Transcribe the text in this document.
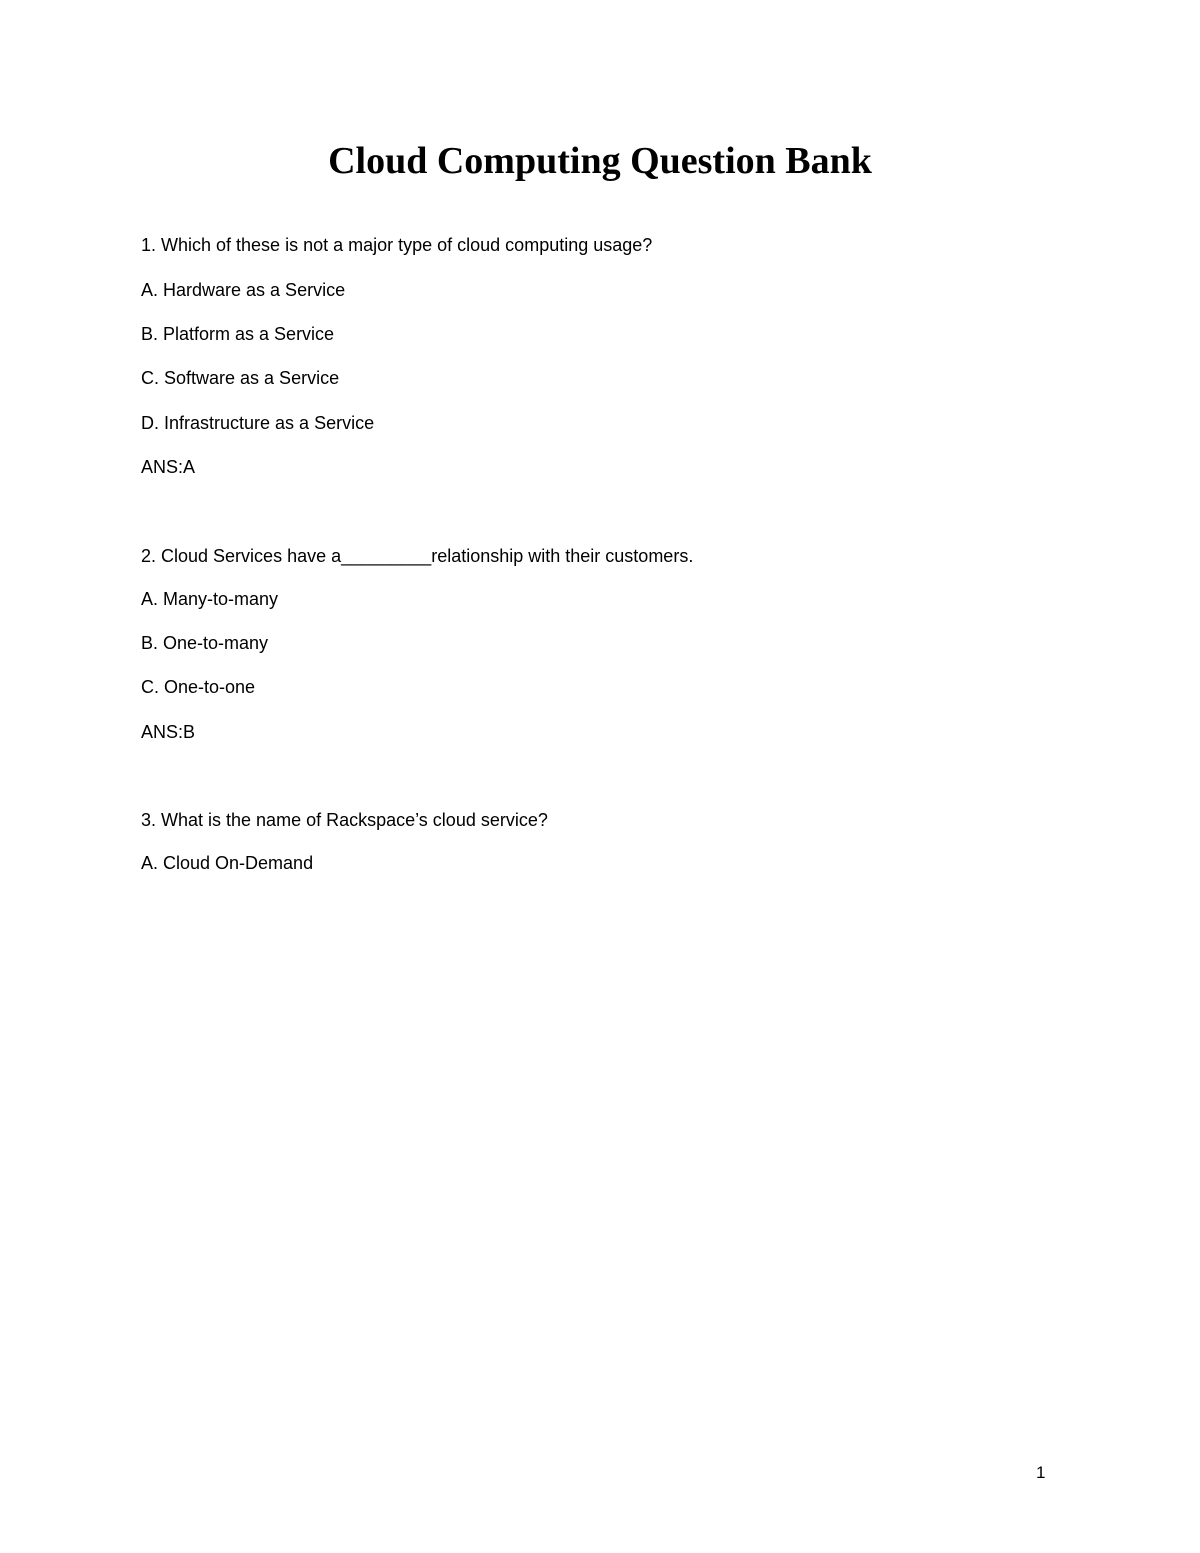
Cloud Computing Question Bank

1. Which of these is not a major type of cloud computing usage?

A. Hardware as a Service

B. Platform as a Service

C. Software as a Service

D. Infrastructure as a Service

ANS:A

2. Cloud Services have a_________relationship with their customers.

A. Many-to-many

B. One-to-many

C. One-to-one

ANS:B

3. What is the name of Rackspace’s cloud service?

A. Cloud On-Demand

1
